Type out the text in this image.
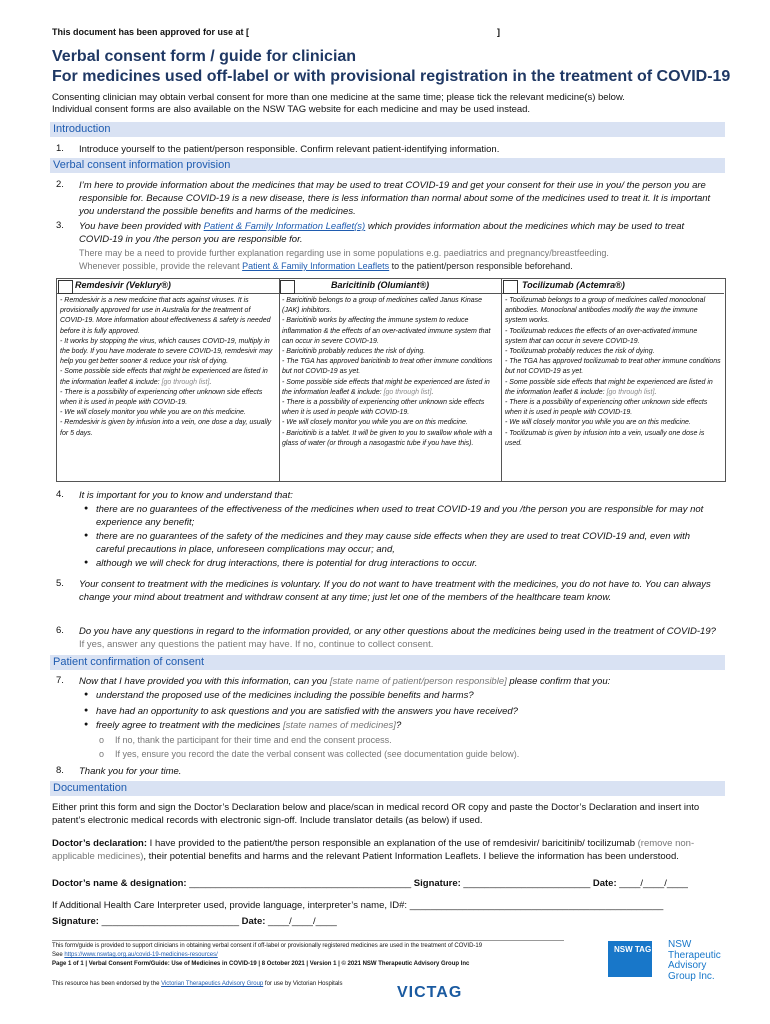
This document has been approved for use at [	]
Verbal consent form / guide for clinician
For medicines used off-label or with provisional registration in the treatment of COVID-19
Consenting clinician may obtain verbal consent for more than one medicine at the same time; please tick the relevant medicine(s) below.
Individual consent forms are also available on the NSW TAG website for each medicine and may be used instead.
Introduction
1. Introduce yourself to the patient/person responsible. Confirm relevant patient-identifying information.
Verbal consent information provision
2. I’m here to provide information about the medicines that may be used to treat COVID-19 and get your consent for their use in you/ the person you are responsible for. Because COVID-19 is a new disease, there is less information than normal about some of the medicines used to treat it. It is important you understand the possible benefits and harms of the medicines.
3. You have been provided with Patient & Family Information Leaflet(s) which provides information about the medicines which may be used to treat COVID-19 in you /the person you are responsible for.
There may be a need to provide further explanation regarding use in some populations e.g. paediatrics and pregnancy/breastfeeding.
Whenever possible, provide the relevant Patient & Family Information Leaflets to the patient/person responsible beforehand.
Remdesivir (Veklury®)
- Remdesivir is a new medicine that acts against viruses. It is provisionally approved for use in Australia for the treatment of COVID-19. More information about effectiveness & safety is needed before it is fully approved.
- It works by stopping the virus, which causes COVID-19, multiply in the body. If you have moderate to severe COVID-19, remdesivir may help you get better sooner & reduce your risk of dying.
- Some possible side effects that might be experienced are listed in the information leaflet & include: [go through list].
- There is a possibility of experiencing other unknown side effects when it is used in people with COVID-19.
- We will closely monitor you while you are on this medicine.
- Remdesivir is given by infusion into a vein, one dose a day, usually for 5 days.
Baricitinib (Olumiant®)
- Baricitinib belongs to a group of medicines called Janus Kinase (JAK) inhibitors.
- Baricitinib works by affecting the immune system to reduce inflammation & the effects of an over-activated immune system that can occur in severe COVID-19.
- Baricitinib probably reduces the risk of dying.
- The TGA has approved baricitinib to treat other immune conditions but not COVID-19 as yet.
- Some possible side effects that might be experienced are listed in the information leaflet & include: [go through list].
- There is a possibility of experiencing other unknown side effects when it is used in people with COVID-19.
- We will closely monitor you while you are on this medicine.
- Baricitinib is a tablet. It will be given to you to swallow whole with a glass of water (or through a nasogastric tube if you have this).
Tocilizumab (Actemra®)
- Tocilizumab belongs to a group of medicines called monoclonal antibodies. Monoclonal antibodies modify the way the immune system works.
- Tocilizumab reduces the effects of an over-activated immune system that can occur in severe COVID-19.
- Tocilizumab probably reduces the risk of dying.
- The TGA has approved tocilizumab to treat other immune conditions but not COVID-19 as yet.
- Some possible side effects that might be experienced are listed in the information leaflet & include: [go through list].
- There is a possibility of experiencing other unknown side effects when it is used in people with COVID-19.
- We will closely monitor you while you are on this medicine.
- Tocilizumab is given by infusion into a vein, usually one dose is used.
4. It is important for you to know and understand that:
● there are no guarantees of the effectiveness of the medicines when used to treat COVID-19 and you /the person you are responsible for may not experience any benefit;
● there are no guarantees of the safety of the medicines and they may cause side effects when they are used to treat COVID-19 and, even with careful precautions in place, unforeseen complications may occur; and,
● although we will check for drug interactions, there is potential for drug interactions to occur.
5. Your consent to treatment with the medicines is voluntary. If you do not want to have treatment with the medicines, you do not have to. You can always change your mind about treatment and withdraw consent at any time; just let one of the members of the healthcare team know.
6. Do you have any questions in regard to the information provided, or any other questions about the medicines being used in the treatment of COVID-19? If yes, answer any questions the patient may have. If no, continue to collect consent.
Patient confirmation of consent
7. Now that I have provided you with this information, can you [state name of patient/person responsible] please confirm that you:
● understand the proposed use of the medicines including the possible benefits and harms?
● have had an opportunity to ask questions and you are satisfied with the answers you have received?
● freely agree to treatment with the medicines [state names of medicines]?
o	If no, thank the participant for their time and end the consent process.
o	If yes, ensure you record the date the verbal consent was collected (see documentation guide below).
8. Thank you for your time.
Documentation
Either print this form and sign the Doctor’s Declaration below and place/scan in medical record OR copy and paste the Doctor’s Declaration and insert into patent’s electronic medical records with electronic sign-off. Include translator details (as below) if used.
Doctor’s declaration: I have provided to the patient/the person responsible an explanation of the use of remdesivir/ baricitinib/ tocilizumab (remove non-applicable medicines), their potential benefits and harms and the relevant Patient Information Leaflets. I believe the information has been understood.
Doctor’s name & designation: __________________________________________ Signature: ________________________ Date: ____/____/____
If Additional Health Care Interpreter used, provide language, interpreter’s name, ID#: ________________________________________________
Signature: __________________________ Date: ____/____/____
This form/guide is provided to support clinicians in obtaining verbal consent if off-label or provisionally registered medicines are used in the treatment of COVID-19
See https://www.nswtag.org.au/covid-19-medicines-resources/
Page 1 of 1 | Verbal Consent Form/Guide: Use of Medicines in COVID-19 | 8 October 2021 | Version 1 | © 2021 NSW Therapeutic Advisory Group Inc
This resource has been endorsed by the Victorian Therapeutics Advisory Group for use by Victorian Hospitals
NSW TAG NSW
Therapeutic
Advisory
Group Inc.
VICTAG
